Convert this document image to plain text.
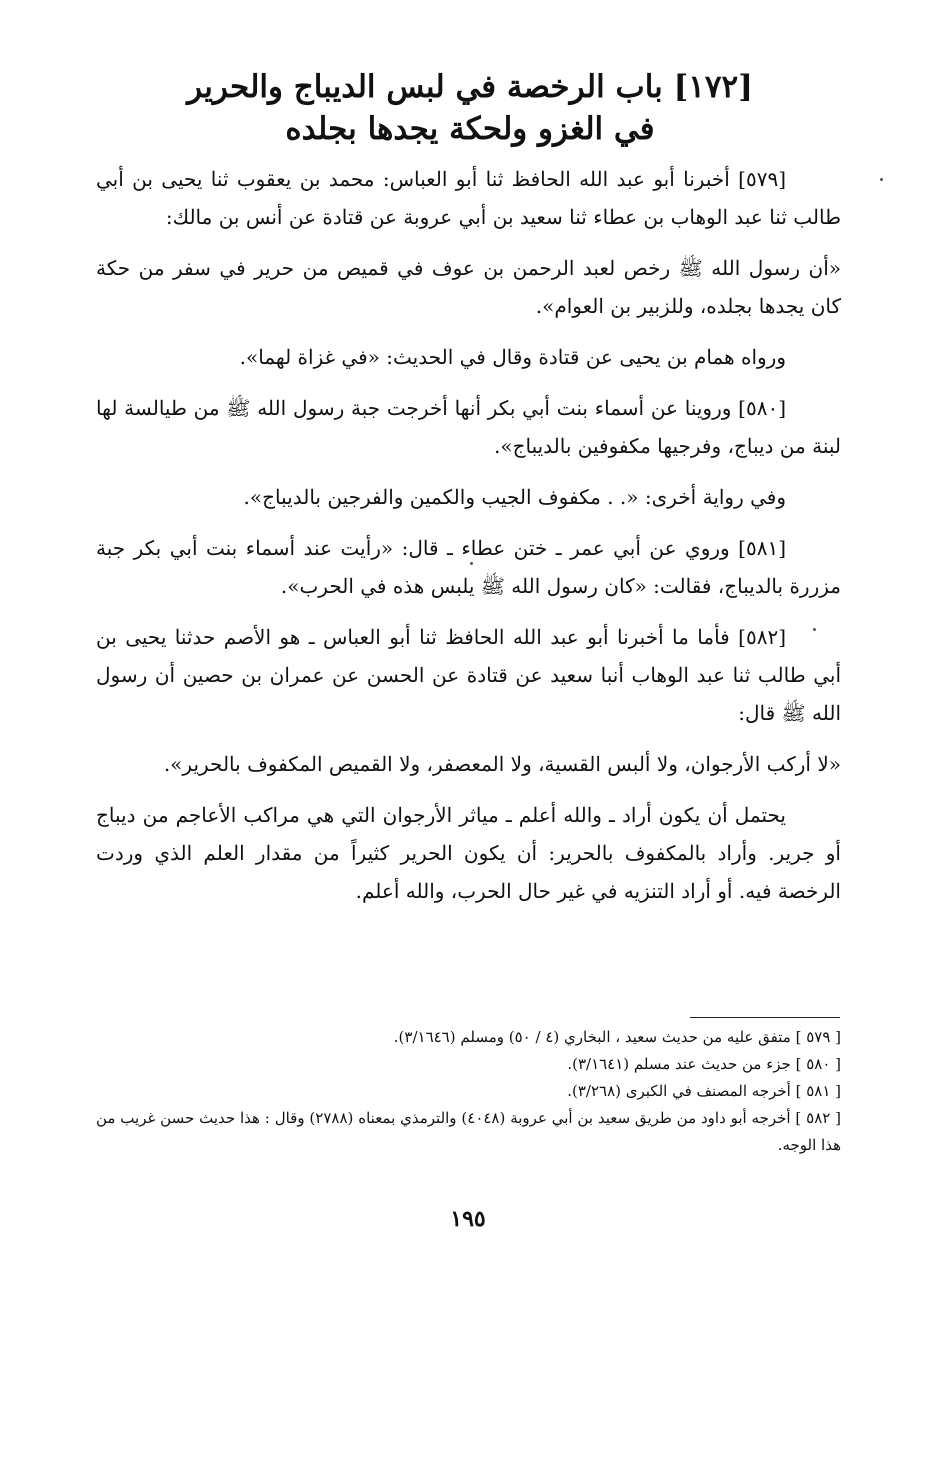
[١٧٢] باب الرخصة في لبس الديباج والحرير
في الغزو ولحكة يجدها بجلده

[٥٧٩] أخبرنا أبو عبد الله الحافظ ثنا أبو العباس: محمد بن يعقوب ثنا يحيى بن أبي طالب ثنا عبد الوهاب بن عطاء ثنا سعيد بن أبي عروبة عن قتادة عن أنس بن مالك:

«أن رسول الله ﷺ رخص لعبد الرحمن بن عوف في قميص من حرير في سفر من حكة كان يجدها بجلده، وللزبير بن العوام».

ورواه همام بن يحيى عن قتادة وقال في الحديث: «في غزاة لهما».

[٥٨٠] وروينا عن أسماء بنت أبي بكر أنها أخرجت جبة رسول الله ﷺ من طيالسة لها لبنة من ديباج، وفرجيها مكفوفين بالديباج».

وفي رواية أخرى: «. . مكفوف الجيب والكمين والفرجين بالديباج».

[٥٨١] وروي عن أبي عمر ـ ختن عطاء ـ قال: «رأيت عند أسماء بنت أبي بكر جبة مزررة بالديباج، فقالت: «كان رسول الله ﷺ يلبس هذه في الحرب».

[٥٨٢] فأما ما أخبرنا أبو عبد الله الحافظ ثنا أبو العباس ـ هو الأصم حدثنا يحيى بن أبي طالب ثنا عبد الوهاب أنبا سعيد عن قتادة عن الحسن عن عمران بن حصين أن رسول الله ﷺ قال:

«لا أركب الأرجوان، ولا ألبس القسية، ولا المعصفر، ولا القميص المكفوف بالحرير».

يحتمل أن يكون أراد ـ والله أعلم ـ مياثر الأرجوان التي هي مراكب الأعاجم من ديباج أو جرير. وأراد بالمكفوف بالحرير: أن يكون الحرير كثيراً من مقدار العلم الذي وردت الرخصة فيه. أو أراد التنزيه في غير حال الحرب، والله أعلم.

[ ٥٧٩ ] متفق عليه من حديث سعيد ، البخاري (٤ / ٥٠) ومسلم (٣/١٦٤٦).

[ ٥٨٠ ] جزء من حديث عند مسلم (٣/١٦٤١).

[ ٥٨١ ] أخرجه المصنف في الكبرى (٣/٢٦٨).

[ ٥٨٢ ] أخرجه أبو داود من طريق سعيد بن أبي عروبة (٤٠٤٨) والترمذي بمعناه (٢٧٨٨) وقال : هذا حديث حسن غريب من هذا الوجه.

١٩٥
